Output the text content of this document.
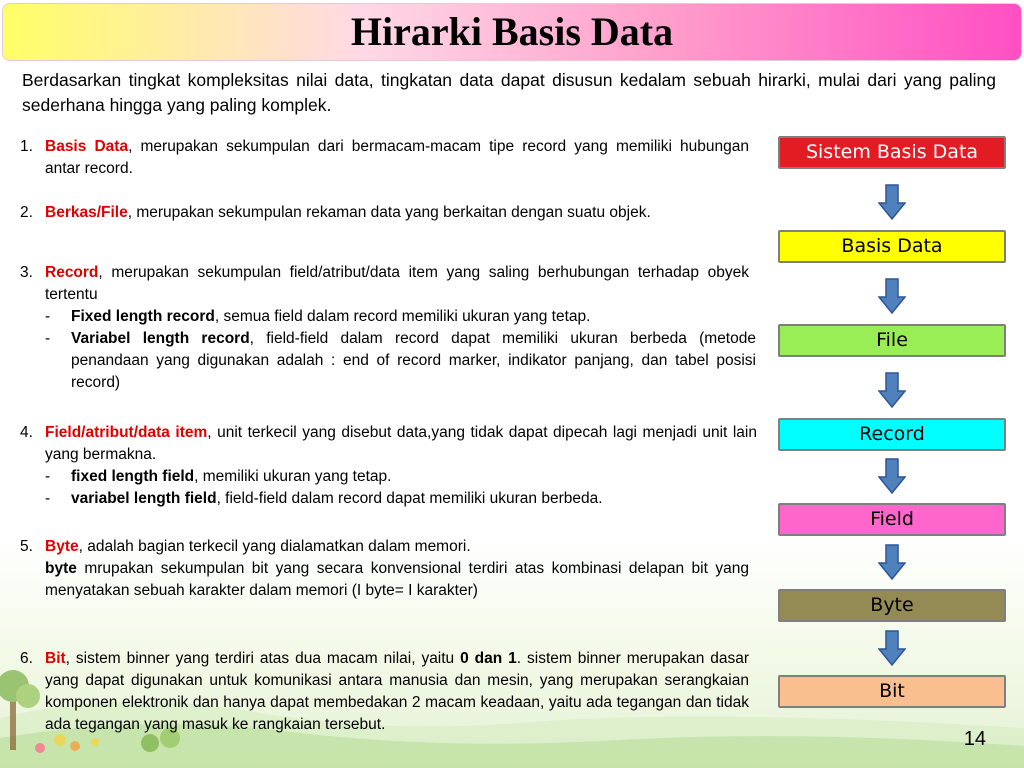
Hirarki Basis Data

Berdasarkan tingkat kompleksitas nilai data, tingkatan data dapat disusun kedalam sebuah hirarki, mulai dari yang paling sederhana hingga yang paling komplek.

1. Basis Data, merupakan sekumpulan dari bermacam-macam tipe record yang memiliki hubungan antar record.

2. Berkas/File, merupakan sekumpulan rekaman data yang berkaitan dengan suatu objek.

3. Record, merupakan sekumpulan field/atribut/data item yang saling berhubungan terhadap obyek tertentu

- Fixed length record, semua field dalam record memiliki ukuran yang tetap.

- Variabel length record, field-field dalam record dapat memiliki ukuran berbeda (metode penandaan yang digunakan adalah : end of record marker, indikator panjang, dan tabel posisi record)

4. Field/atribut/data item, unit terkecil yang disebut data,yang tidak dapat dipecah lagi menjadi unit lain yang bermakna.

- fixed length field, memiliki ukuran yang tetap.

- variabel length field, field-field dalam record dapat memiliki ukuran berbeda.

5. Byte, adalah bagian terkecil yang dialamatkan dalam memori.
byte mrupakan sekumpulan bit yang secara konvensional terdiri atas kombinasi delapan bit yang menyatakan sebuah karakter dalam memori (I byte= I karakter)

6. Bit, sistem binner yang terdiri atas dua macam nilai, yaitu 0 dan 1. sistem binner merupakan dasar yang dapat digunakan untuk komunikasi antara manusia dan mesin, yang merupakan serangkaian komponen elektronik dan hanya dapat membedakan 2 macam keadaan, yaitu ada tegangan dan tidak ada tegangan yang masuk ke rangkaian tersebut.

Sistem Basis Data
Basis Data
File
Record
Field
Byte
Bit
14
